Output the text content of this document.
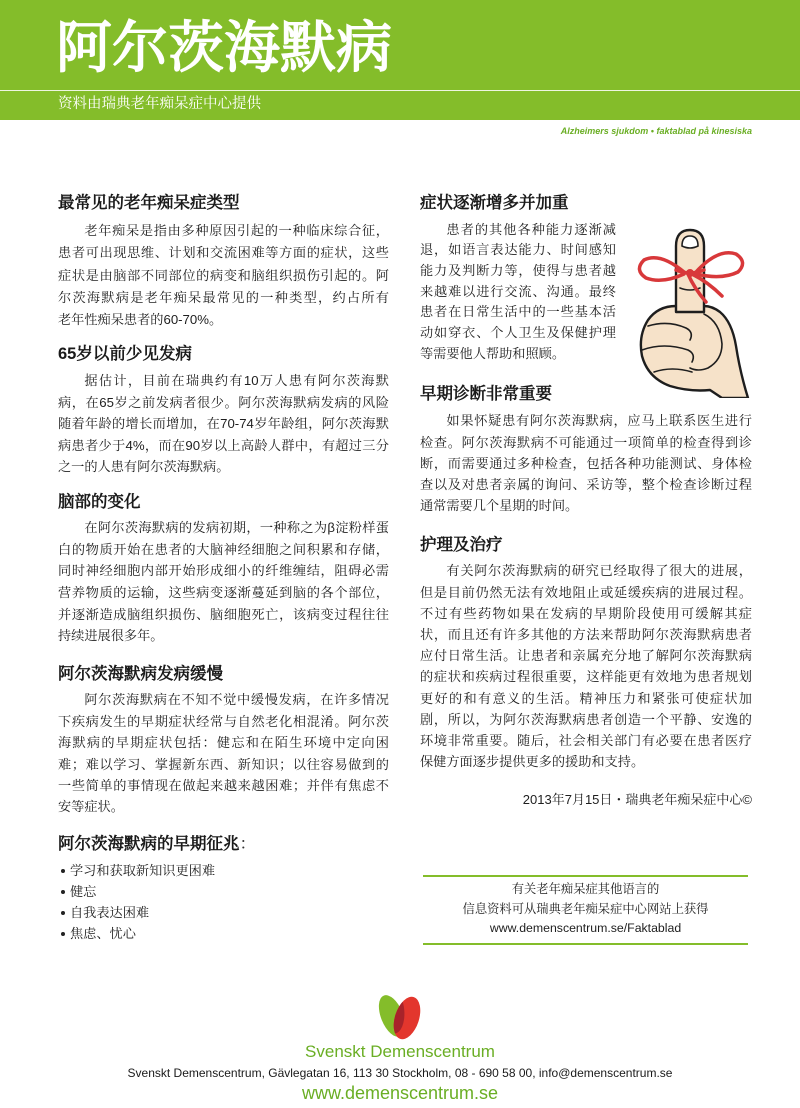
阿尔茨海默病
资料由瑞典老年痴呆症中心提供
Alzheimers sjukdom • faktablad på kinesiska
最常见的老年痴呆症类型
老年痴呆是指由多种原因引起的一种临床综合征，
患者可出现思维、计划和交流困难等方面的症状，这些
症状是由脑部不同部位的病变和脑组织损伤引起的。阿
尔茨海默病是老年痴呆最常见的一种类型，约占所有
老年性痴呆患者的60-70%。
65岁以前少见发病
据估计，目前在瑞典约有10万人患有阿尔茨海默
病，在65岁之前发病者很少。阿尔茨海默病发病的风险
随着年龄的增长而增加，在70-74岁年龄组，阿尔茨海默
病患者少于4%，而在90岁以上高龄人群中，有超过三分
之一的人患有阿尔茨海默病。
脑部的变化
在阿尔茨海默病的发病初期，一种称之为β淀粉样蛋
白的物质开始在患者的大脑神经细胞之间积累和存储，
同时神经细胞内部开始形成细小的纤维缠结，阻碍必需
营养物质的运输，这些病变逐渐蔓延到脑的各个部位，
并逐渐造成脑组织损伤、脑细胞死亡，该病变过程往往
持续进展很多年。
阿尔茨海默病发病缓慢
阿尔茨海默病在不知不觉中缓慢发病，在许多情况
下疾病发生的早期症状经常与自然老化相混淆。阿尔茨
海默病的早期症状包括：健忘和在陌生环境中定向困
难；难以学习、掌握新东西、新知识；以往容易做到的
一些简单的事情现在做起来越来越困难；并伴有焦虑不
安等症状。
阿尔茨海默病的早期征兆：
学习和获取新知识更困难
健忘
自我表达困难
焦虑、忧心
症状逐渐增多并加重
患者的其他各种能力逐渐减
退，如语言表达能力、时间感知
能力及判断力等，使得与患者越
来越难以进行交流、沟通。最终
患者在日常生活中的一些基本活
动如穿衣、个人卫生及保健护理
等需要他人帮助和照顾。
早期诊断非常重要
如果怀疑患有阿尔茨海默病，应马上联系医生进行
检查。阿尔茨海默病不可能通过一项简单的检查得到诊
断，而需要通过多种检查，包括各种功能测试、身体检
查以及对患者亲属的询问、采访等，整个检查诊断过程
通常需要几个星期的时间。
护理及治疗
有关阿尔茨海默病的研究已经取得了很大的进展，
但是目前仍然无法有效地阻止或延缓疾病的进展过程。
不过有些药物如果在发病的早期阶段使用可缓解其症
状，而且还有许多其他的方法来帮助阿尔茨海默病患者
应付日常生活。让患者和亲属充分地了解阿尔茨海默病
的症状和疾病过程很重要，这样能更有效地为患者规划
更好的和有意义的生活。精神压力和紧张可使症状加
剧，所以，为阿尔茨海默病患者创造一个平静、安逸的
环境非常重要。随后，社会相关部门有必要在患者医疗
保健方面逐步提供更多的援助和支持。
2013年7月15日・瑞典老年痴呆症中心©
有关老年痴呆症其他语言的
信息资料可从瑞典老年痴呆症中心网站上获得
www.demenscentrum.se/Faktablad
Svenskt Demenscentrum
Svenskt Demenscentrum, Gävlegatan 16, 113 30 Stockholm, 08 - 690 58 00, info@demenscentrum.se
www.demenscentrum.se
